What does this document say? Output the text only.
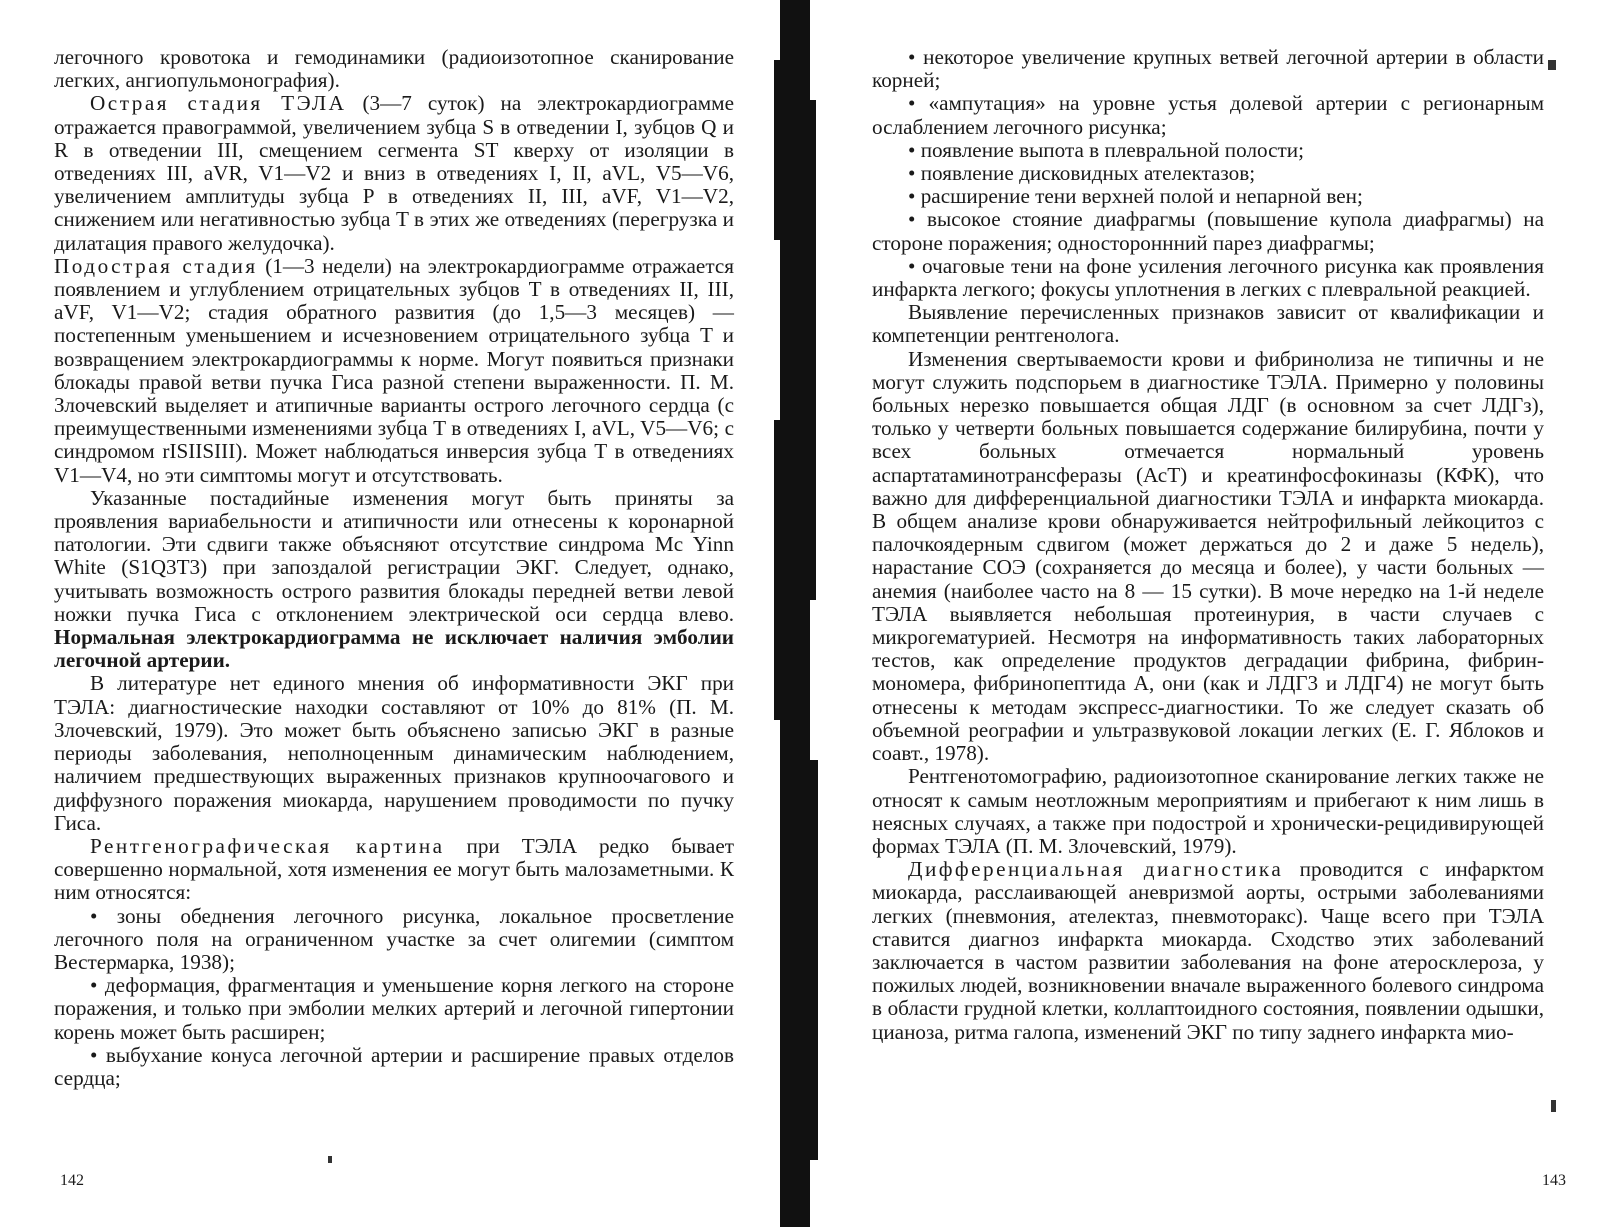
легочного кровотока и гемодинамики (радиоизотопное сканирование легких, ангиопульмонография).

Острая стадия ТЭЛА (3—7 суток) на электрокардиограмме отражается правограммой, увеличением зубца S в отведении I, зубцов Q и R в отведении III, смещением сегмента ST кверху от изоляции в отведениях III, aVR, V1—V2 и вниз в отведениях I, II, aVL, V5—V6, увеличением амплитуды зубца P в отведениях II, III, aVF, V1—V2, снижением или негативностью зубца T в этих же отведениях (перегрузка и дилатация правого желудочка).

Подострая стадия (1—3 недели) на электрокардиограмме отражается появлением и углублением отрицательных зубцов T в отведениях II, III, aVF, V1—V2; стадия обратного развития (до 1,5—3 месяцев) — постепенным уменьшением и исчезновением отрицательного зубца T и возвращением электрокардиограммы к норме. Могут появиться признаки блокады правой ветви пучка Гиса разной степени выраженности. П. М. Злочевский выделяет и атипичные варианты острого легочного сердца (с преимущественными изменениями зубца T в отведениях I, aVL, V5—V6; с синдромом rISIISIII). Может наблюдаться инверсия зубца T в отведениях V1—V4, но эти симптомы могут и отсутствовать.

Указанные постадийные изменения могут быть приняты за проявления вариабельности и атипичности или отнесены к коронарной патологии. Эти сдвиги также объясняют отсутствие синдрома Mc Yinn White (S1Q3T3) при запоздалой регистрации ЭКГ. Следует, однако, учитывать возможность острого развития блокады передней ветви левой ножки пучка Гиса с отклонением электрической оси сердца влево. Нормальная электрокардиограмма не исключает наличия эмболии легочной артерии.

В литературе нет единого мнения об информативности ЭКГ при ТЭЛА: диагностические находки составляют от 10% до 81% (П. М. Злочевский, 1979). Это может быть объяснено записью ЭКГ в разные периоды заболевания, неполноценным динамическим наблюдением, наличием предшествующих выраженных признаков крупноочагового и диффузного поражения миокарда, нарушением проводимости по пучку Гиса.

Рентгенографическая картина при ТЭЛА редко бывает совершенно нормальной, хотя изменения ее могут быть малозаметными. К ним относятся:

• зоны обеднения легочного рисунка, локальное просветление легочного поля на ограниченном участке за счет олигемии (симптом Вестермарка, 1938);

• деформация, фрагментация и уменьшение корня легкого на стороне поражения, и только при эмболии мелких артерий и легочной гипертонии корень может быть расширен;

• выбухание конуса легочной артерии и расширение правых отделов сердца;

142

• некоторое увеличение крупных ветвей легочной артерии в области корней;

• «ампутация» на уровне устья долевой артерии с регионарным ослаблением легочного рисунка;

• появление выпота в плевральной полости;

• появление дисковидных ателектазов;

• расширение тени верхней полой и непарной вен;

• высокое стояние диафрагмы (повышение купола диафрагмы) на стороне поражения; одностороннний парез диафрагмы;

• очаговые тени на фоне усиления легочного рисунка как проявления инфаркта легкого; фокусы уплотнения в легких с плевральной реакцией.

Выявление перечисленных признаков зависит от квалификации и компетенции рентгенолога.

Изменения свертываемости крови и фибринолиза не типичны и не могут служить подспорьем в диагностике ТЭЛА. Примерно у половины больных нерезко повышается общая ЛДГ (в основном за счет ЛДГз), только у четверти больных повышается содержание билирубина, почти у всех больных отмечается нормальный уровень аспартатаминотрансферазы (АсТ) и креатинфосфокиназы (КФК), что важно для дифференциальной диагностики ТЭЛА и инфаркта миокарда. В общем анализе крови обнаруживается нейтрофильный лейкоцитоз с палочкоядерным сдвигом (может держаться до 2 и даже 5 недель), нарастание СОЭ (сохраняется до месяца и более), у части больных — анемия (наиболее часто на 8 — 15 сутки). В моче нередко на 1-й неделе ТЭЛА выявляется небольшая протеинурия, в части случаев с микрогематурией. Несмотря на информативность таких лабораторных тестов, как определение продуктов деградации фибрина, фибрин-мономера, фибринопептида А, они (как и ЛДГ3 и ЛДГ4) не могут быть отнесены к методам экспресс-диагностики. То же следует сказать об объемной реографии и ультразвуковой локации легких (Е. Г. Яблоков и соавт., 1978).

Рентгенотомографию, радиоизотопное сканирование легких также не относят к самым неотложным мероприятиям и прибегают к ним лишь в неясных случаях, а также при подострой и хронически-рецидивирующей формах ТЭЛА (П. М. Злочевский, 1979).

Дифференциальная диагностика проводится с инфарктом миокарда, расслаивающей аневризмой аорты, острыми заболеваниями легких (пневмония, ателектаз, пневмоторакс). Чаще всего при ТЭЛА ставится диагноз инфаркта миокарда. Сходство этих заболеваний заключается в частом развитии заболевания на фоне атеросклероза, у пожилых людей, возникновении вначале выраженного болевого синдрома в области грудной клетки, коллаптоидного состояния, появлении одышки, цианоза, ритма галопа, изменений ЭКГ по типу заднего инфаркта мио-

143
